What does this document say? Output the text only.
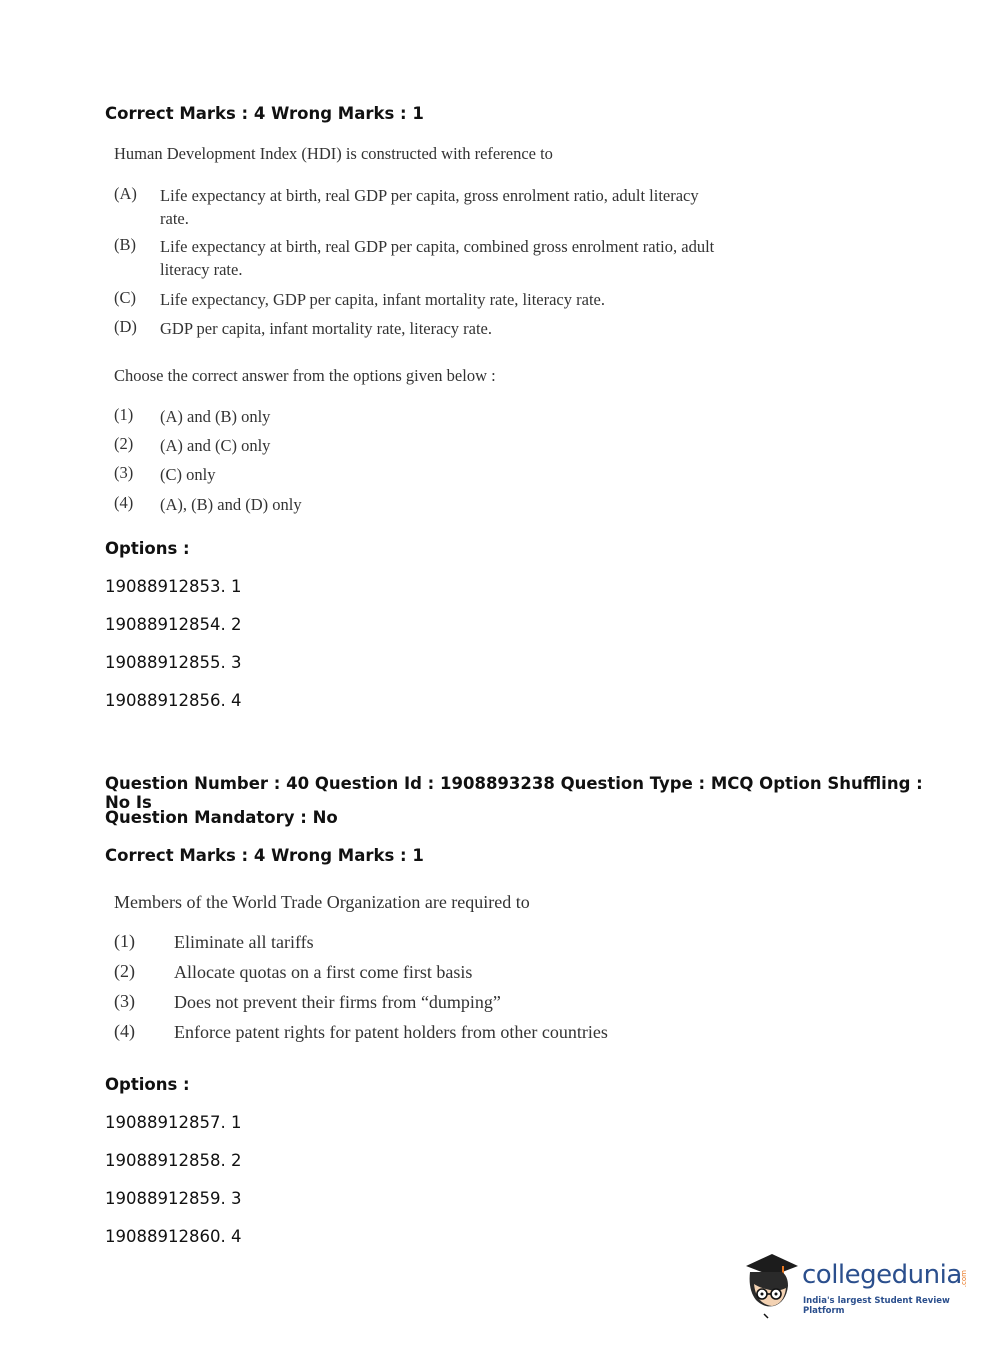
Correct Marks : 4 Wrong Marks : 1
Human Development Index (HDI) is constructed with reference to
(A)	Life expectancy at birth, real GDP per capita, gross enrolment ratio, adult literacy rate.
(B)	Life expectancy at birth, real GDP per capita, combined gross enrolment ratio, adult literacy rate.
(C)	Life expectancy, GDP per capita, infant mortality rate, literacy rate.
(D)	GDP per capita, infant mortality rate, literacy rate.
Choose the correct answer from the options given below :
(1)	(A) and (B) only
(2)	(A) and (C) only
(3)	(C) only
(4)	(A), (B) and (D) only
Options :
19088912853. 1
19088912854. 2
19088912855. 3
19088912856. 4
Question Number : 40 Question Id : 1908893238 Question Type : MCQ Option Shuffling : No Is
Question Mandatory : No
Correct Marks : 4 Wrong Marks : 1
Members of the World Trade Organization are required to
(1)	Eliminate all tariffs
(2)	Allocate quotas on a first come first basis
(3)	Does not prevent their firms from “dumping”
(4)	Enforce patent rights for patent holders from other countries
Options :
19088912857. 1
19088912858. 2
19088912859. 3
19088912860. 4
collegedunia
.com
India's largest Student Review Platform
